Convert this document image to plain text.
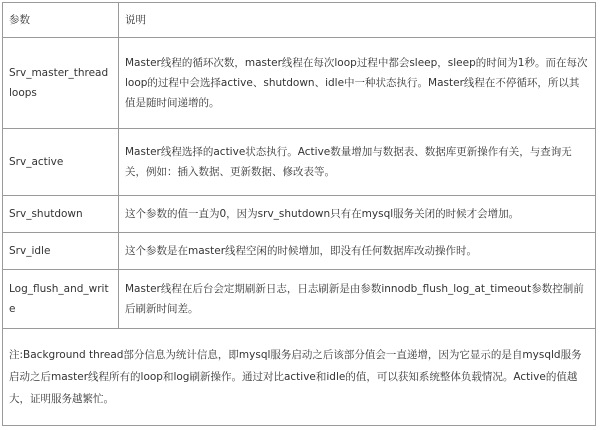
参数	说明

Srv_master_thread loops	Master线程的循环次数，master线程在每次loop过程中都会sleep，sleep的时间为1秒。而在每次loop的过程中会选择active、shutdown、idle中一种状态执行。Master线程在不停循环，所以其值是随时间递增的。

Srv_active	Master线程选择的active状态执行。Active数量增加与数据表、数据库更新操作有关，与查询无关，例如：插入数据、更新数据、修改表等。

Srv_shutdown	这个参数的值一直为0，因为srv_shutdown只有在mysql服务关闭的时候才会增加。

Srv_idle	这个参数是在master线程空闲的时候增加，即没有任何数据库改动操作时。

Log_flush_and_write	Master线程在后台会定期刷新日志，日志刷新是由参数innodb_flush_log_at_timeout参数控制前后刷新时间差。

注:Background thread部分信息为统计信息，即mysql服务启动之后该部分值会一直递增，因为它显示的是自mysqld服务启动之后master线程所有的loop和log刷新操作。通过对比active和idle的值，可以获知系统整体负载情况。Active的值越大，证明服务越繁忙。	
